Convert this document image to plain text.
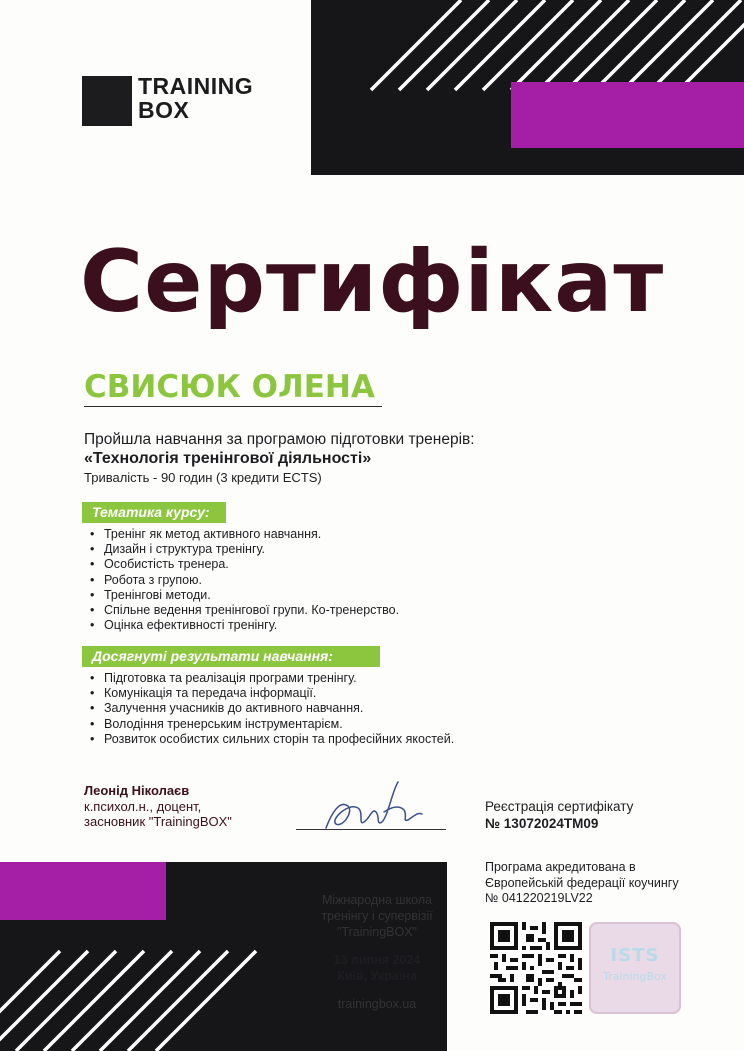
TRAINING
BOX
Сертифікат
СВИСЮК ОЛЕНА
Пройшла навчання за програмою підготовки тренерів:
«Технологія тренінгової діяльності»
Тривалість - 90 годин (3 кредити ECTS)
Тематика курсу:
• Тренінг як метод активного навчання.
• Дизайн і структура тренінгу.
• Особистість тренера.
• Робота з групою.
• Тренінгові методи.
• Спільне ведення тренінгової групи. Ко-тренерство.
• Оцінка ефективності тренінгу.
Досягнуті результати навчання:
• Підготовка та реалізація програми тренінгу.
• Комунікація та передача інформації.
• Залучення учасників до активного навчання.
• Володіння тренерським інструментарієм.
• Розвиток особистих сильних сторін та професійних якостей.
Леонід Ніколаєв
к.психол.н., доцент,
засновник "TrainingBOX"
Реєстрація сертифікату
№ 13072024TM09
Програма акредитована в
Європейській федерації коучингу
№ 041220219LV22
ISTS
TrainingBox
Міжнародна школа
тренінгу і супервізії
"TrainingBOX"
13 липня 2024
Київ, Україна
trainingbox.ua
